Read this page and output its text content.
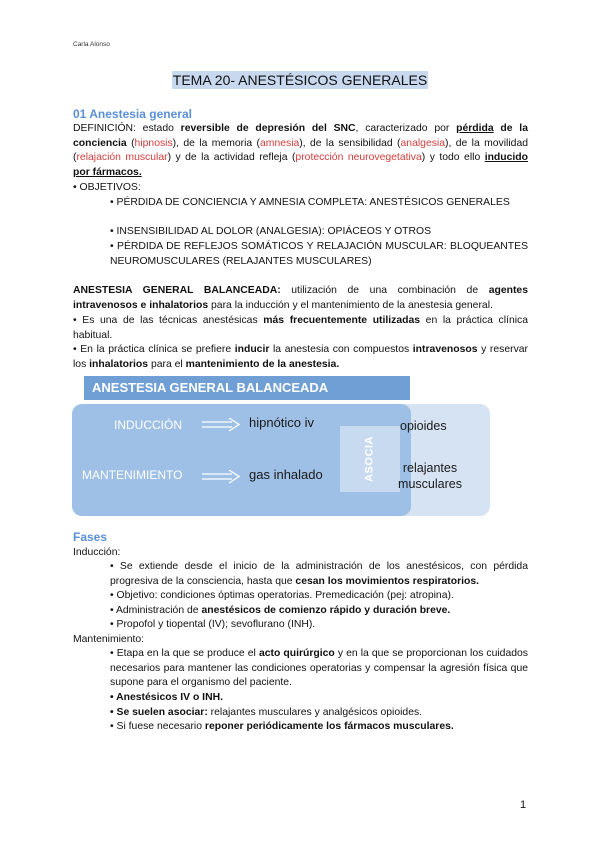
Carla Alonso
TEMA 20- ANESTÉSICOS GENERALES
01 Anestesia general
DEFINICIÓN: estado reversible de depresión del SNC, caracterizado por pérdida de la conciencia (hipnosis), de la memoria (amnesia), de la sensibilidad (analgesia), de la movilidad (relajación muscular) y de la actividad refleja (protección neurovegetativa) y todo ello inducido por fármacos.
• OBJETIVOS:
• PÉRDIDA DE CONCIENCIA Y AMNESIA COMPLETA: ANESTÉSICOS GENERALES
• INSENSIBILIDAD AL DOLOR (ANALGESIA): OPIÁCEOS Y OTROS
• PÉRDIDA DE REFLEJOS SOMÁTICOS Y RELAJACIÓN MUSCULAR: BLOQUEANTES NEUROMUSCULARES (RELAJANTES MUSCULARES)
ANESTESIA GENERAL BALANCEADA: utilización de una combinación de agentes intravenosos e inhalatorios para la inducción y el mantenimiento de la anestesia general.
• Es una de las técnicas anestésicas más frecuentemente utilizadas en la práctica clínica habitual.
• En la práctica clínica se prefiere inducir la anestesia con compuestos intravenosos y reservar los inhalatorios para el mantenimiento de la anestesia.
ANESTESIA GENERAL BALANCEADA
ASOCIA
INDUCCIÓN	hipnótico iv
MANTENIMIENTO	gas inhalado
opioides
relajantes musculares
Fases
Inducción:
• Se extiende desde el inicio de la administración de los anestésicos, con pérdida progresiva de la consciencia, hasta que cesan los movimientos respiratorios.
• Objetivo: condiciones óptimas operatorias. Premedicación (pej: atropina).
• Administración de anestésicos de comienzo rápido y duración breve.
• Propofol y tiopental (IV); sevoflurano (INH).
Mantenimiento:
• Etapa en la que se produce el acto quirúrgico y en la que se proporcionan los cuidados necesarios para mantener las condiciones operatorias y compensar la agresión física que supone para el organismo del paciente.
• Anestésicos IV o INH.
• Se suelen asociar: relajantes musculares y analgésicos opioides.
• Si fuese necesario reponer periódicamente los fármacos musculares.
1
